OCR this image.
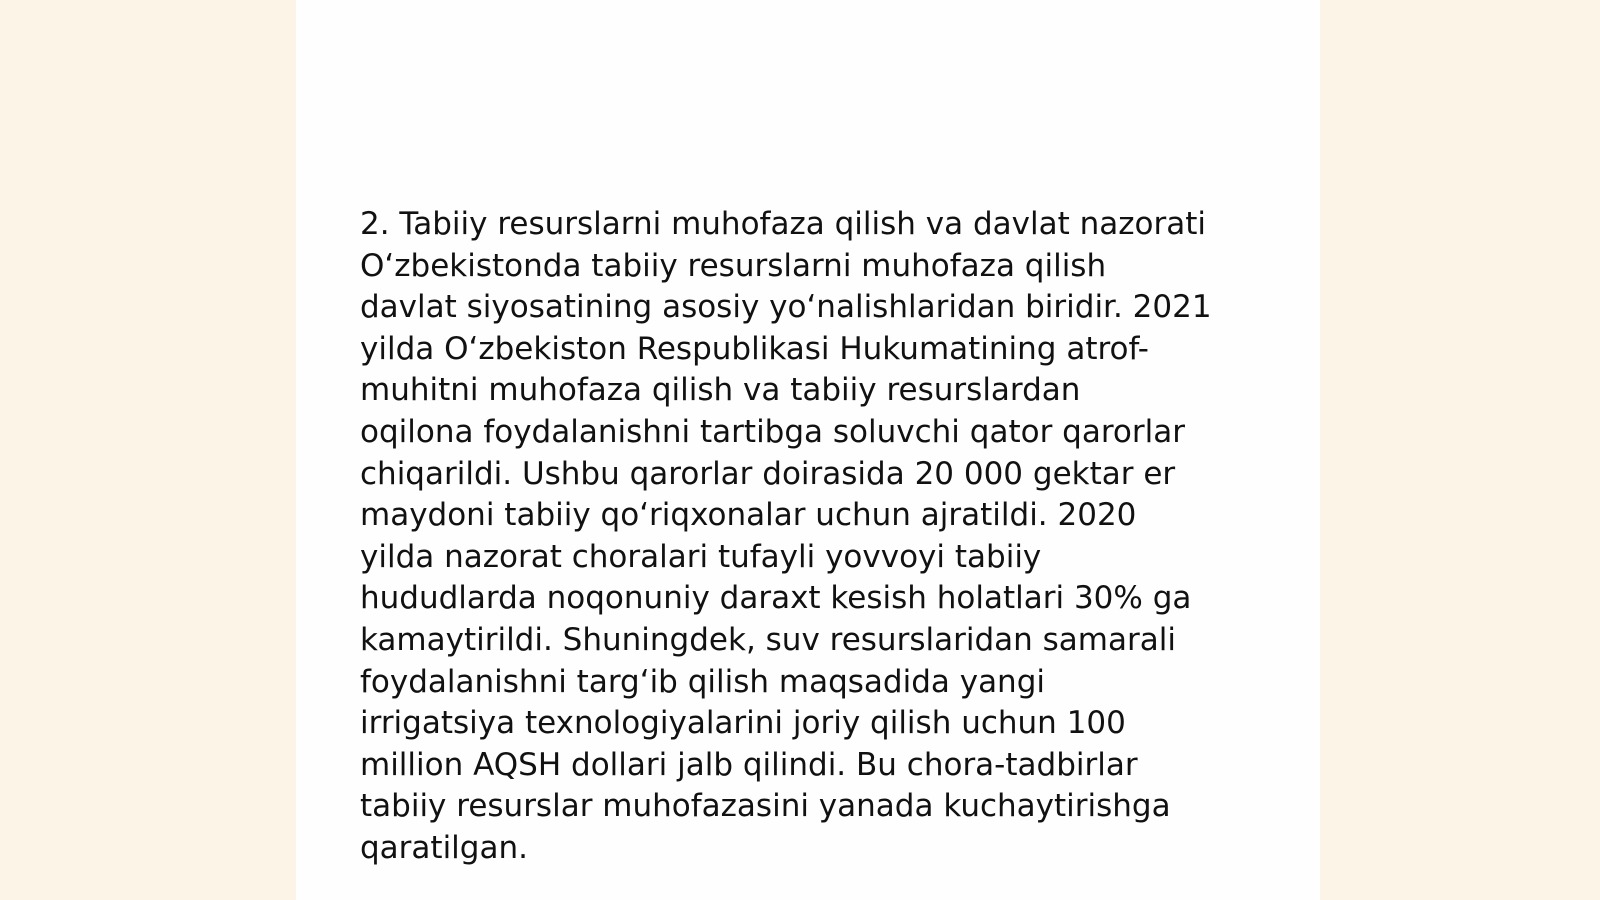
2. Tabiiy resurslarni muhofaza qilish va davlat nazorati
O‘zbekistonda tabiiy resurslarni muhofaza qilish
davlat siyosatining asosiy yo‘nalishlaridan biridir. 2021
yilda O‘zbekiston Respublikasi Hukumatining atrof-
muhitni muhofaza qilish va tabiiy resurslardan
oqilona foydalanishni tartibga soluvchi qator qarorlar
chiqarildi. Ushbu qarorlar doirasida 20 000 gektar er
maydoni tabiiy qo‘riqxonalar uchun ajratildi. 2020
yilda nazorat choralari tufayli yovvoyi tabiiy
hududlarda noqonuniy daraxt kesish holatlari 30% ga
kamaytirildi. Shuningdek, suv resurslaridan samarali
foydalanishni targ‘ib qilish maqsadida yangi
irrigatsiya texnologiyalarini joriy qilish uchun 100
million AQSH dollari jalb qilindi. Bu chora-tadbirlar
tabiiy resurslar muhofazasini yanada kuchaytirishga
qaratilgan.
